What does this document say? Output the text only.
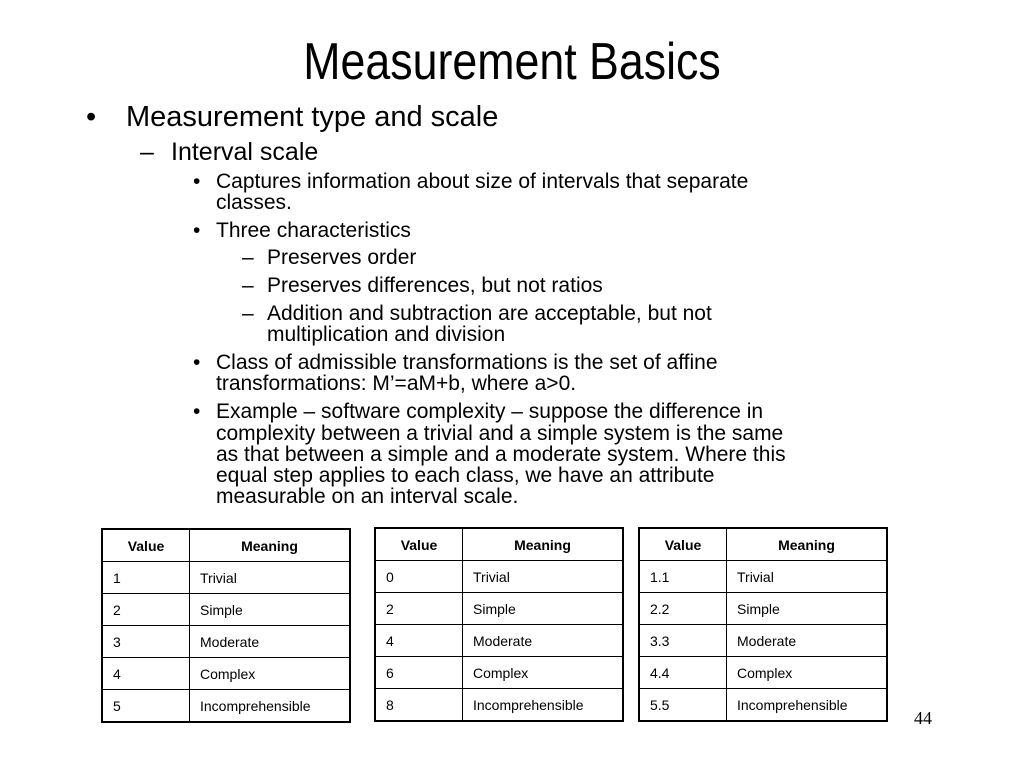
Measurement Basics
• Measurement type and scale
– Interval scale
• Captures information about size of intervals that separate
classes.
• Three characteristics
– Preserves order
– Preserves differences, but not ratios
– Addition and subtraction are acceptable, but not
multiplication and division
• Class of admissible transformations is the set of affine
transformations: M’=aM+b, where a>0.
• Example – software complexity – suppose the difference in
complexity between a trivial and a simple system is the same
as that between a simple and a moderate system. Where this
equal step applies to each class, we have an attribute
measurable on an interval scale.
Value	Meaning
1	Trivial
2	Simple
3	Moderate
4	Complex
5	Incomprehensible
Value	Meaning
0	Trivial
2	Simple
4	Moderate
6	Complex
8	Incomprehensible
Value	Meaning
1.1	Trivial
2.2	Simple
3.3	Moderate
4.4	Complex
5.5	Incomprehensible
44
